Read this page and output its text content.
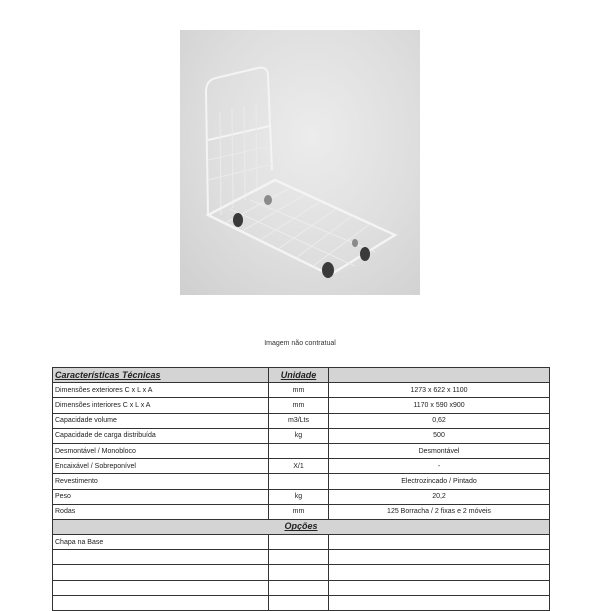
Imagem não contratual
Características Técnicas	Unidade	
Dimensões exteriores C x L x A	mm	1273 x 622 x 1100
Dimensões interiores C x L x A	mm	1170 x 590 x900
Capacidade volume	m3/Lts	0,62
Capacidade de carga distribuída	kg	500
Desmontável / Monobloco		Desmontável
Encaixável / Sobreponível	X/1	-
Revestimento		Electrozincado / Pintado
Peso	kg	20,2
Rodas	mm	125 Borracha / 2 fixas e 2 móveis
Opções		
Chapa na Base		
